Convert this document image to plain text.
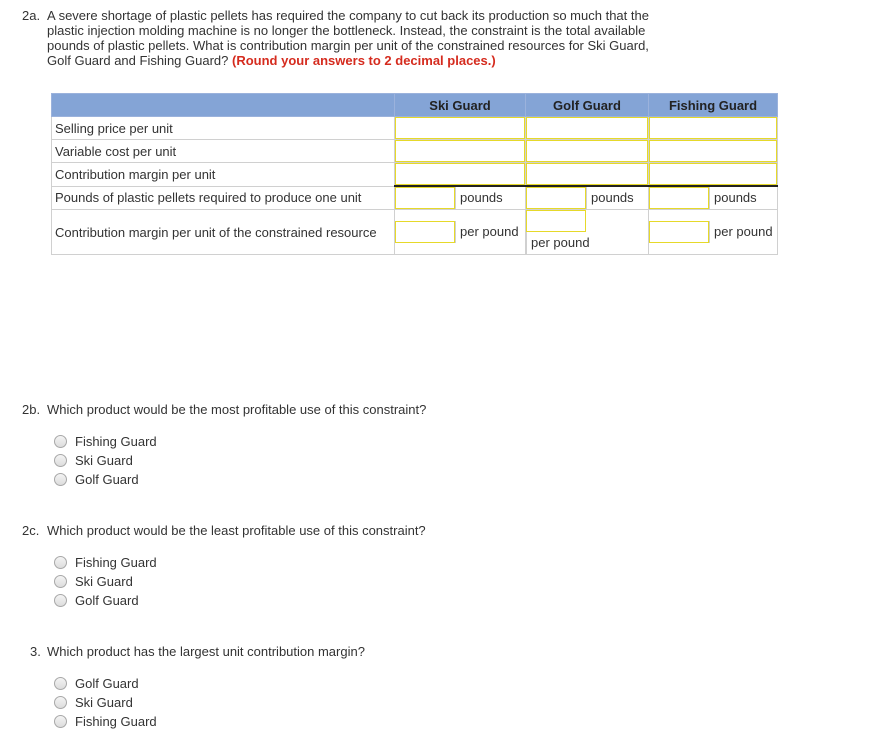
2a. A severe shortage of plastic pellets has required the company to cut back its production so much that the plastic injection molding machine is no longer the bottleneck. Instead, the constraint is the total available pounds of plastic pellets. What is contribution margin per unit of the constrained resources for Ski Guard, Golf Guard and Fishing Guard? (Round your answers to 2 decimal places.)
	Ski Guard	Golf Guard	Fishing Guard
Selling price per unit	

Variable cost per unit	

Contribution margin per unit	

Pounds of plastic pellets required to produce one unit	pounds	pounds	pounds
Contribution margin per unit of the constrained resource	per pound	per pound	per pound
2b. Which product would be the most profitable use of this constraint?
Fishing Guard
Ski Guard
Golf Guard
2c. Which product would be the least profitable use of this constraint?
Fishing Guard
Ski Guard
Golf Guard
3. Which product has the largest unit contribution margin?
Golf Guard
Ski Guard
Fishing Guard
